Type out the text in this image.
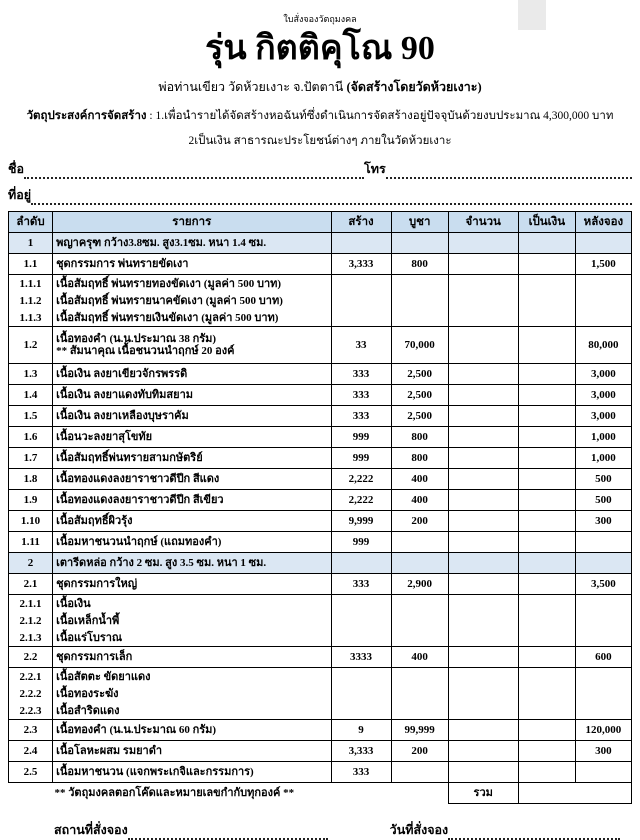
ใบสั่งจองวัตถุมงคล
รุ่น กิตติคุโณ 90
พ่อท่านเขียว วัดห้วยเงาะ จ.ปัตตานี (จัดสร้างโดยวัดห้วยเงาะ)
วัตถุประสงค์การจัดสร้าง : 1.เพื่อนำรายได้จัดสร้างหอฉันท์ซึ่งดำเนินการจัดสร้างอยู่ปัจจุบันด้วยงบประมาณ 4,300,000 บาท
2เป็นเงิน สาธารณะประโยชน์ต่างๆ ภายในวัดห้วยเงาะ
ชื่อ	โทร
ที่อยู่
ลำดับ	รายการ	สร้าง	บูชา	จำนวน	เป็นเงิน	หลังจอง
1	พญาครุฑ กว้าง3.8ซม. สูง3.1ซม. หนา 1.4 ซม.					

1.1	ชุดกรรมการ พ่นทรายขัดเงา	3,333	800			1,500
1.1.1	เนื้อสัมฤทธิ์ พ่นทรายทองขัดเงา (มูลค่า 500 บาท)					

1.1.2	เนื้อสัมฤทธิ์ พ่นทรายนาคขัดเงา (มูลค่า 500 บาท)					

1.1.3	เนื้อสัมฤทธิ์ พ่นทรายเงินขัดเงา (มูลค่า 500 บาท)					

1.2	เนื้อทองคำ (น.น.ประมาณ 38 กรัม)
** สัมนาคุณ เนื้อชนวนนำฤกษ์ 20 องค์	33	70,000			80,000
1.3	เนื้อเงิน ลงยาเขียวจักรพรรดิ	333	2,500			3,000
1.4	เนื้อเงิน ลงยาแดงทับทิมสยาม	333	2,500			3,000
1.5	เนื้อเงิน ลงยาเหลืองบุษราคัม	333	2,500			3,000
1.6	เนื้อนวะลงยาสุโขทัย	999	800			1,000
1.7	เนื้อสัมฤทธิ์พ่นทรายสามกษัตริย์	999	800			1,000
1.8	เนื้อทองแดงลงยาราชาวดีปีก สีแดง	2,222	400			500
1.9	เนื้อทองแดงลงยาราชาวดีปีก สีเขียว	2,222	400			500
1.10	เนื้อสัมฤทธิ์ผิวรุ้ง	9,999	200			300
1.11	เนื้อมหาชนวนนำฤกษ์ (แถมทองคำ)	999				
2	เตารีดหล่อ กว้าง 2 ซม. สูง 3.5 ซม. หนา 1 ซม.					

2.1	ชุดกรรมการใหญ่	333	2,900			3,500
2.1.1	เนื้อเงิน					

2.1.2	เนื้อเหล็กน้ำพี้					

2.1.3	เนื้อแร่โบราณ					

2.2	ชุดกรรมการเล็ก	3333	400			600
2.2.1	เนื้อสัตตะ ขัดยาแดง					

2.2.2	เนื้อทองระฆัง					

2.2.3	เนื้อสำริดแดง					

2.3	เนื้อทองคำ (น.น.ประมาณ 60 กรัม)	9	99,999			120,000
2.4	เนื้อโลหะผสม รมยาดำ	3,333	200			300
2.5	เนื้อมหาชนวน (แจกพระเกจิและกรรมการ)	333				
** วัตถุมงคลตอกโค๊ดและหมายเลขกำกับทุกองค์ **				รวม		
สถานที่สั่งจอง	วันที่สั่งจอง
